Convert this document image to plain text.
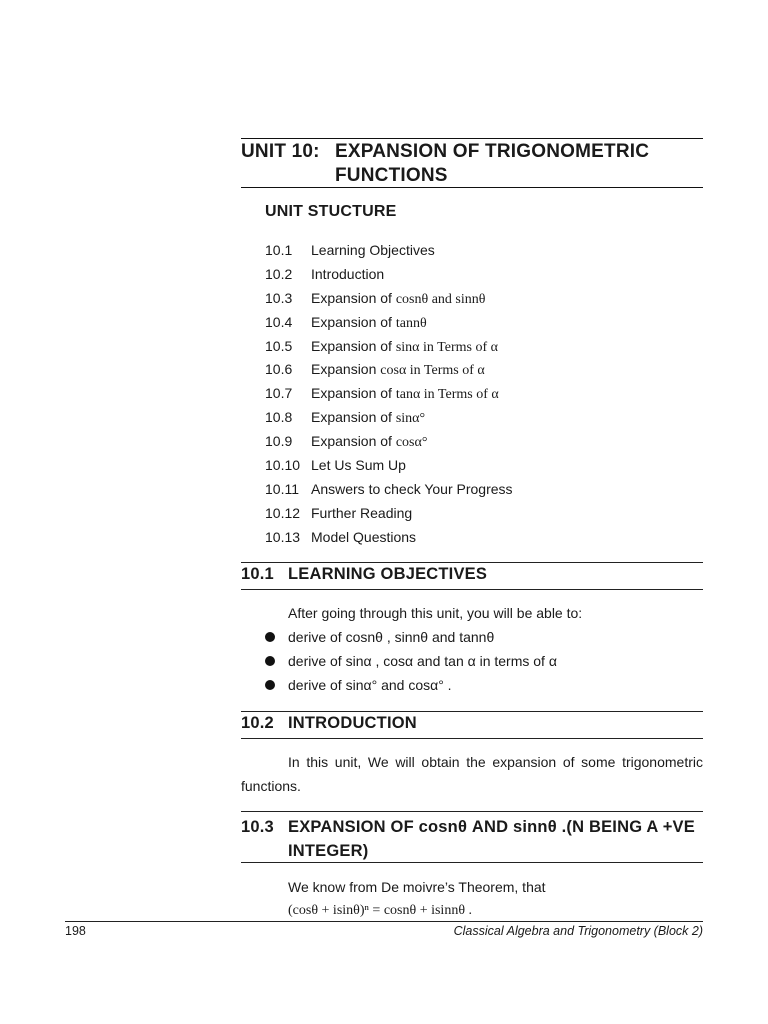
UNIT 10: EXPANSION OF TRIGONOMETRIC FUNCTIONS
UNIT STUCTURE
10.1 Learning Objectives
10.2 Introduction
10.3 Expansion of cosnθ and sinnθ
10.4 Expansion of tannθ
10.5 Expansion of sinα in Terms of α
10.6 Expansion cosα in Terms of α
10.7 Expansion of tanα in Terms of α
10.8 Expansion of sinα°
10.9 Expansion of cosα°
10.10 Let Us Sum Up
10.11 Answers to check Your Progress
10.12 Further Reading
10.13 Model Questions
10.1 LEARNING OBJECTIVES
After going through this unit, you will be able to:
derive of cosnθ , sinnθ and tannθ
derive of sinα , cosα and tan α in terms of α
derive of sinα° and cosα° .
10.2 INTRODUCTION
In this unit, We will obtain the expansion of some trigonometric functions.
10.3 EXPANSION OF cosnθ AND sinnθ .(N BEING A +VE
INTEGER)
We know from De moivre’s Theorem, that
(cosθ + isinθ)ⁿ = cosnθ + isinnθ .
198	Classical Algebra and Trigonometry (Block 2)
